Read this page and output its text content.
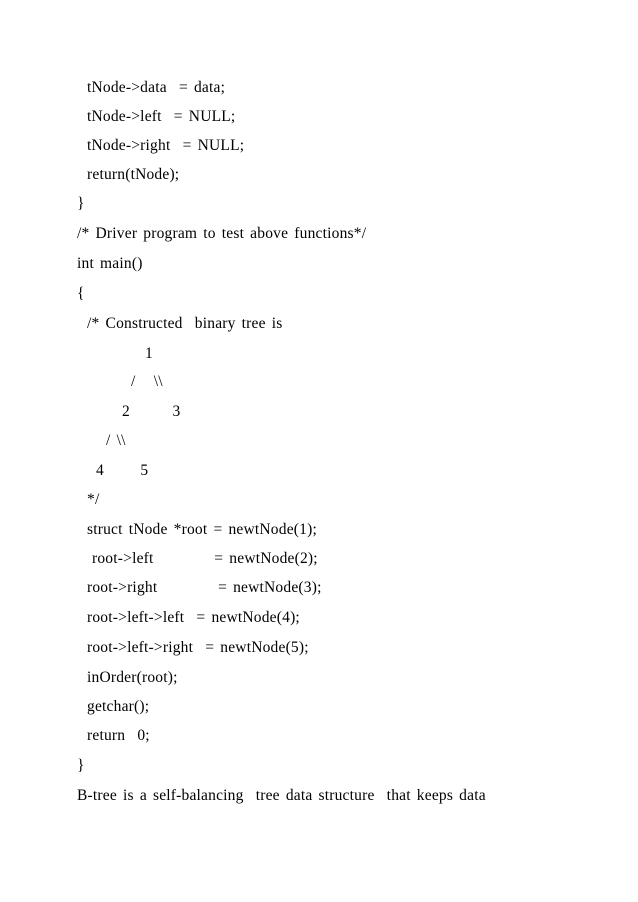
tNode->data  = data;
tNode->left  = NULL;
tNode->right  = NULL;
return(tNode);
}
/* Driver program to test above functions*/
int main()
{
/* Constructed  binary tree is
1
/   \\
2       3
/ \\
4      5
*/
struct tNode *root = newtNode(1);
root->left          = newtNode(2);
root->right          = newtNode(3);
root->left->left  = newtNode(4);
root->left->right  = newtNode(5);
inOrder(root);
getchar();
return  0;
}
B-tree is a self-balancing  tree data structure  that keeps data
